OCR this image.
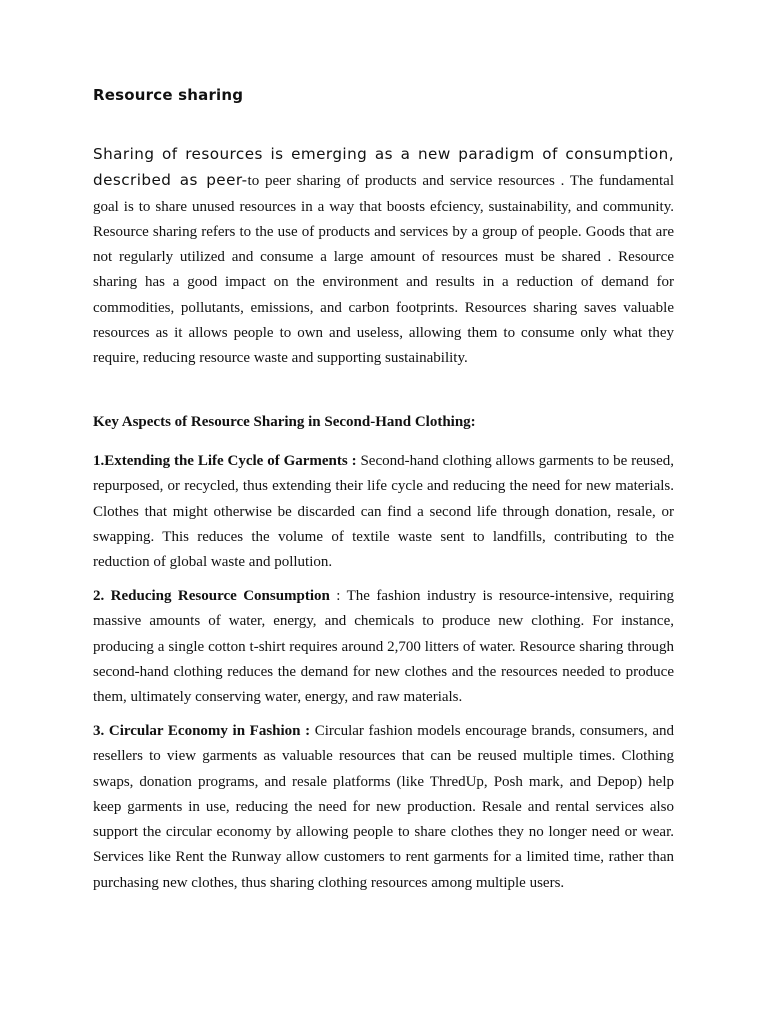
Resource sharing
Sharing of resources is emerging as a new paradigm of consumption, described as peer-to peer sharing of products and service resources . The fundamental goal is to share unused resources in a way that boosts efciency, sustainability, and community. Resource sharing refers to the use of products and services by a group of people. Goods that are not regularly utilized and consume a large amount of resources must be shared . Resource sharing has a good impact on the environment and results in a reduction of demand for commodities, pollutants, emissions, and carbon footprints. Resources sharing saves valuable resources as it allows people to own and useless, allowing them to consume only what they require, reducing resource waste and supporting sustainability.
Key Aspects of Resource Sharing in Second-Hand Clothing:

1.Extending the Life Cycle of Garments : Second-hand clothing allows garments to be reused, repurposed, or recycled, thus extending their life cycle and reducing the need for new materials. Clothes that might otherwise be discarded can find a second life through donation, resale, or swapping. This reduces the volume of textile waste sent to landfills, contributing to the reduction of global waste and pollution.

2. Reducing Resource Consumption : The fashion industry is resource-intensive, requiring massive amounts of water, energy, and chemicals to produce new clothing. For instance, producing a single cotton t-shirt requires around 2,700 litters of water. Resource sharing through second-hand clothing reduces the demand for new clothes and the resources needed to produce them, ultimately conserving water, energy, and raw materials.

3. Circular Economy in Fashion : Circular fashion models encourage brands, consumers, and resellers to view garments as valuable resources that can be reused multiple times. Clothing swaps, donation programs, and resale platforms (like ThredUp, Posh mark, and Depop) help keep garments in use, reducing the need for new production. Resale and rental services also support the circular economy by allowing people to share clothes they no longer need or wear. Services like Rent the Runway allow customers to rent garments for a limited time, rather than purchasing new clothes, thus sharing clothing resources among multiple users.
